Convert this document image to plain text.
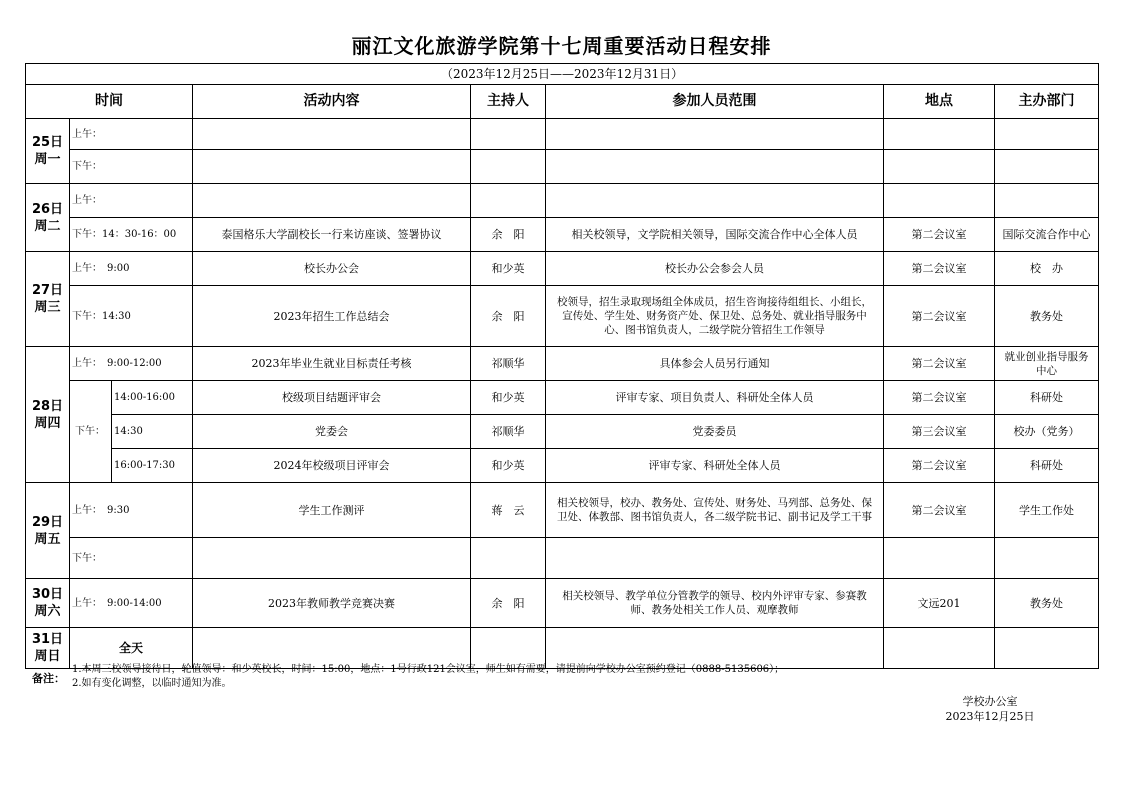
丽江文化旅游学院第十七周重要活动日程安排
（2023年12月25日——2023年12月31日）							
时间			活动内容	主持人	参加人员范围	地点	主办部门

25日
周一	上午：						
	下午：						

26日
周二	上午：						
	下午：14：30-16：00		泰国格乐大学副校长一行来访座谈、签署协议	余　阳	相关校领导，文学院相关领导，国际交流合作中心全体人员	第二会议室	国际交流合作中心

27日
周三	上午：　9:00		校长办公会	和少英	校长办公会参会人员	第二会议室	校　办
	下午：14:30		2023年招生工作总结会	余　阳	校领导，招生录取现场组全体成员，招生咨询接待组组长、小组长，宣传处、学生处、财务资产处、保卫处、总务处、就业指导服务中心、图书馆负责人，二级学院分管招生工作领导	第二会议室	教务处

28日
周四	上午：　9:00-12:00		2023年毕业生就业目标责任考核	祁顺华	具体参会人员另行通知	第二会议室	就业创业指导服务中心
	下午：	14:00-16:00	校级项目结题评审会	和少英	评审专家、项目负责人、科研处全体人员	第二会议室	科研处
		14:30	党委会	祁顺华	党委委员	第三会议室	校办（党务）
		16:00-17:30	2024年校级项目评审会	和少英	评审专家、科研处全体人员	第二会议室	科研处

29日
周五	上午：　9:30		学生工作测评	蒋　云	相关校领导，校办、教务处、宣传处、财务处、马列部、总务处、保卫处、体教部、图书馆负责人，各二级学院书记、副书记及学工干事	第二会议室	学生工作处
	下午：						

30日
周六	上午：　9:00-14:00		2023年教师教学竞赛决赛	余　阳	相关校领导、教学单位分管教学的领导、校内外评审专家、参赛教师、教务处相关工作人员、观摩教师	文远201	教务处

31日
周日	全天						
备注：
1.本周三校领导接待日，轮值领导：和少英校长，时间：15:00，地点：1号行政121会议室，师生如有需要，请提前向学校办公室预约登记（0888-5135606）；
2.如有变化调整，以临时通知为准。
学校办公室
2023年12月25日
